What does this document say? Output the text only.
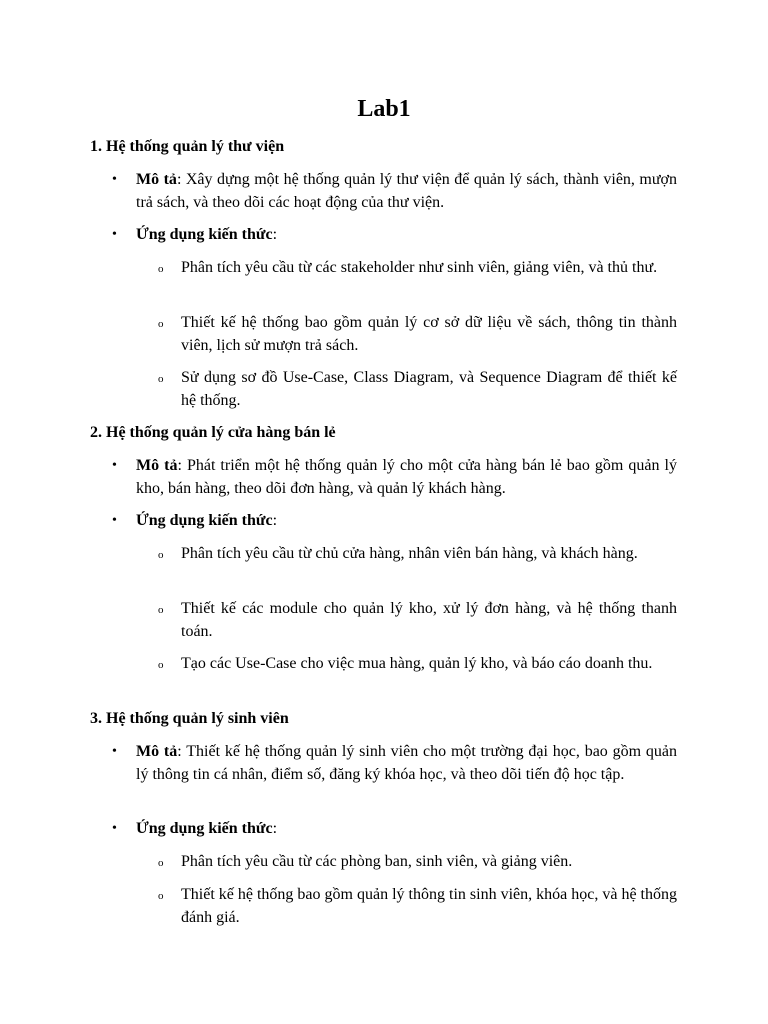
Lab1
1. Hệ thống quản lý thư viện
• Mô tả: Xây dựng một hệ thống quản lý thư viện để quản lý sách, thành viên, mượn trả sách, và theo dõi các hoạt động của thư viện.
• Ứng dụng kiến thức:
o Phân tích yêu cầu từ các stakeholder như sinh viên, giảng viên, và thủ thư.
o Thiết kế hệ thống bao gồm quản lý cơ sở dữ liệu về sách, thông tin thành viên, lịch sử mượn trả sách.
o Sử dụng sơ đồ Use-Case, Class Diagram, và Sequence Diagram để thiết kế hệ thống.
2. Hệ thống quản lý cửa hàng bán lẻ
• Mô tả: Phát triển một hệ thống quản lý cho một cửa hàng bán lẻ bao gồm quản lý kho, bán hàng, theo dõi đơn hàng, và quản lý khách hàng.
• Ứng dụng kiến thức:
o Phân tích yêu cầu từ chủ cửa hàng, nhân viên bán hàng, và khách hàng.
o Thiết kế các module cho quản lý kho, xử lý đơn hàng, và hệ thống thanh toán.
o Tạo các Use-Case cho việc mua hàng, quản lý kho, và báo cáo doanh thu.
3. Hệ thống quản lý sinh viên
• Mô tả: Thiết kế hệ thống quản lý sinh viên cho một trường đại học, bao gồm quản lý thông tin cá nhân, điểm số, đăng ký khóa học, và theo dõi tiến độ học tập.
• Ứng dụng kiến thức:
o Phân tích yêu cầu từ các phòng ban, sinh viên, và giảng viên.
o Thiết kế hệ thống bao gồm quản lý thông tin sinh viên, khóa học, và hệ thống đánh giá.
